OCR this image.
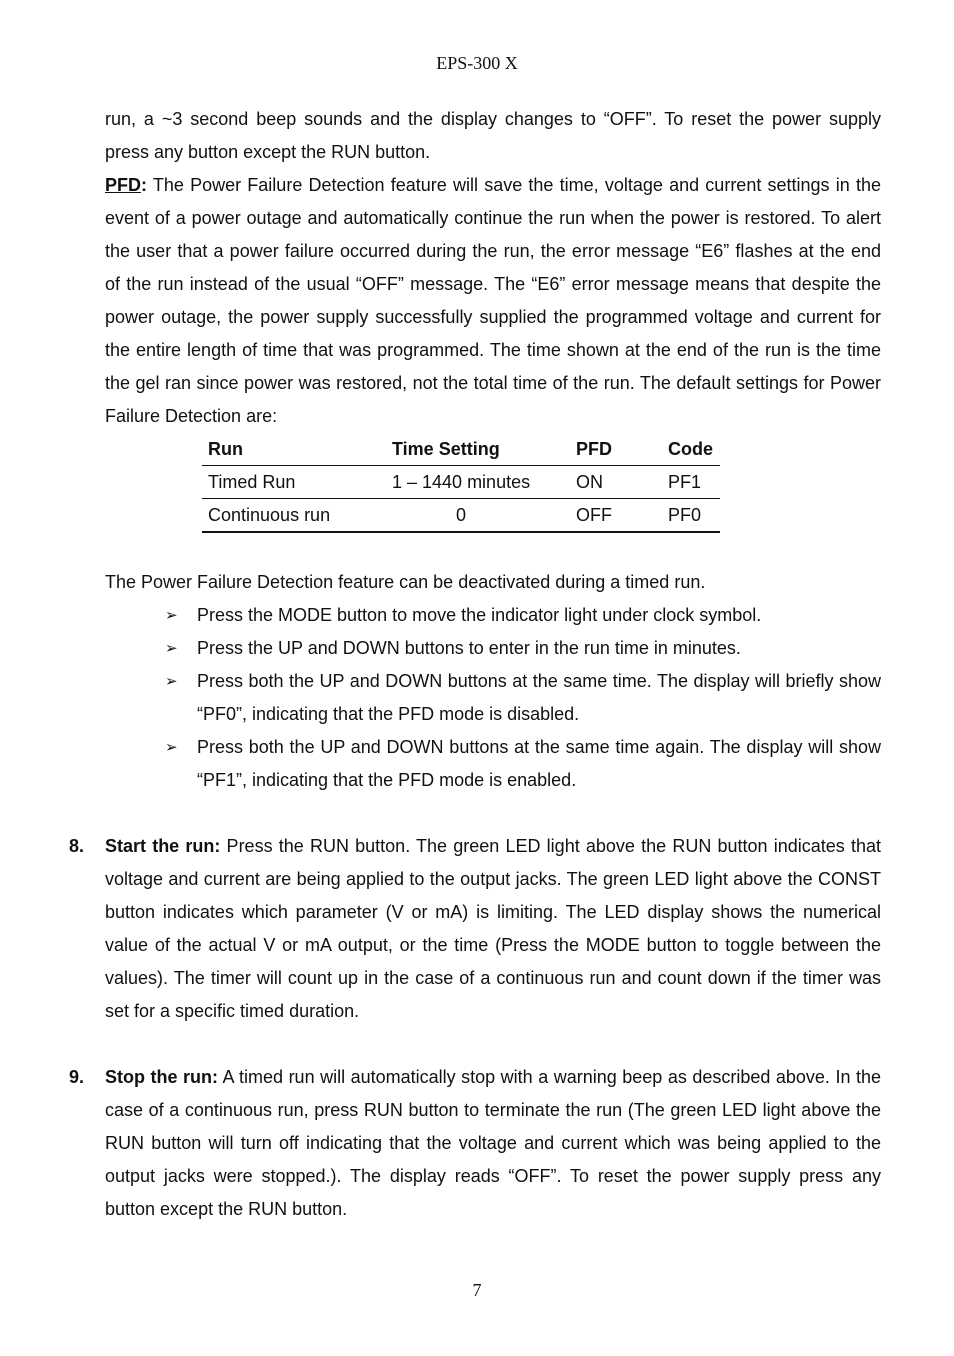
EPS-300 X

run, a ~3 second beep sounds and the display changes to “OFF”. To reset the power supply press any button except the RUN button.

PFD: The Power Failure Detection feature will save the time, voltage and current settings in the event of a power outage and automatically continue the run when the power is restored. To alert the user that a power failure occurred during the run, the error message “E6” flashes at the end of the run instead of the usual “OFF” message. The “E6” error message means that despite the power outage, the power supply successfully supplied the programmed voltage and current for the entire length of time that was programmed. The time shown at the end of the run is the time the gel ran since power was restored, not the total time of the run. The default settings for Power Failure Detection are:

Run	Time Setting	PFD	Code
Timed Run	1 – 1440 minutes	ON	PF1
Continuous run	0	OFF	PF0

The Power Failure Detection feature can be deactivated during a timed run.

➢ Press the MODE button to move the indicator light under clock symbol.
➢ Press the UP and DOWN buttons to enter in the run time in minutes.
➢ Press both the UP and DOWN buttons at the same time. The display will briefly show “PF0”, indicating that the PFD mode is disabled.
➢ Press both the UP and DOWN buttons at the same time again. The display will show “PF1”, indicating that the PFD mode is enabled.

8. Start the run: Press the RUN button. The green LED light above the RUN button indicates that voltage and current are being applied to the output jacks. The green LED light above the CONST button indicates which parameter (V or mA) is limiting. The LED display shows the numerical value of the actual V or mA output, or the time (Press the MODE button to toggle between the values). The timer will count up in the case of a continuous run and count down if the timer was set for a specific timed duration.

9. Stop the run: A timed run will automatically stop with a warning beep as described above. In the case of a continuous run, press RUN button to terminate the run (The green LED light above the RUN button will turn off indicating that the voltage and current which was being applied to the output jacks were stopped.). The display reads “OFF”. To reset the power supply press any button except the RUN button.

7
